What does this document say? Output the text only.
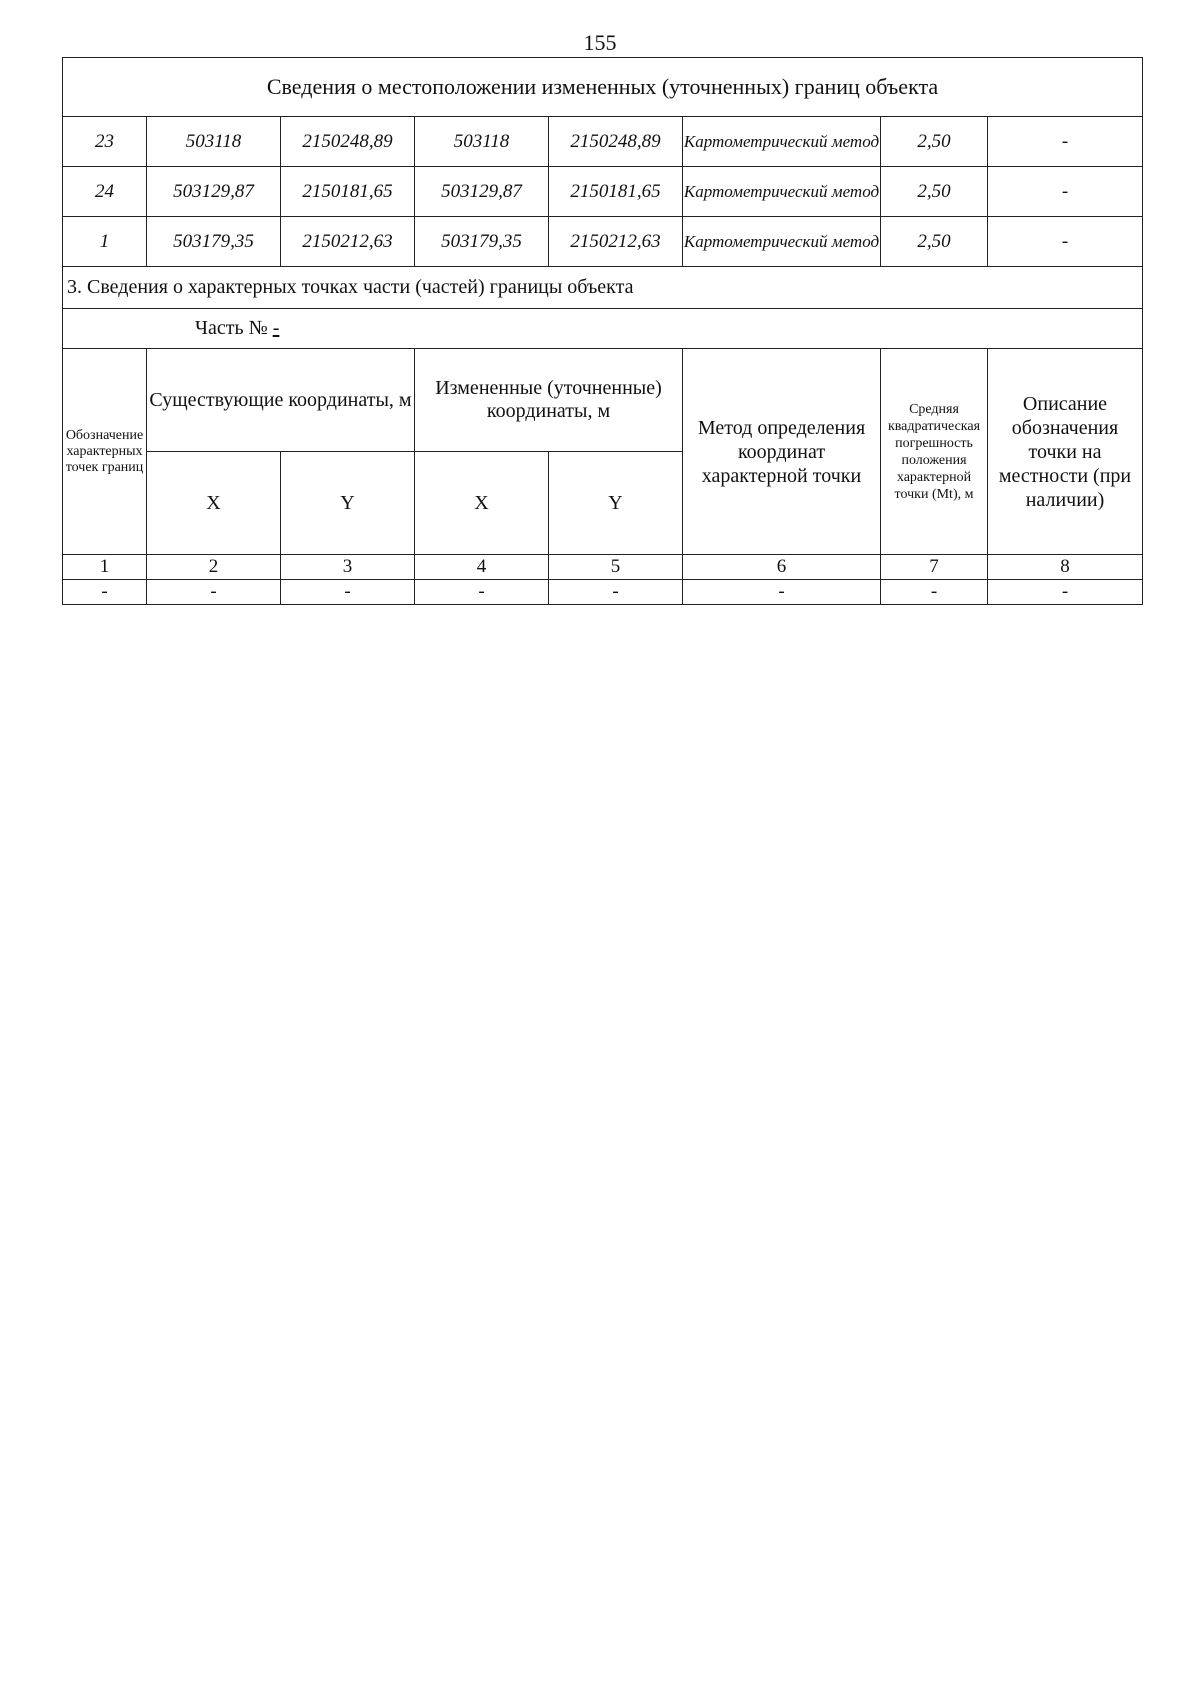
155
Сведения о местоположении измененных (уточненных) границ объекта							
23	503118	2150248,89	503118	2150248,89	Картометрический метод	2,50	-
24	503129,87	2150181,65	503129,87	2150181,65	Картометрический метод	2,50	-
1	503179,35	2150212,63	503179,35	2150212,63	Картометрический метод	2,50	-
3. Сведения о характерных точках части (частей) границы объекта							
Часть № -							
Обозначение характерных точек границ	Существующие координаты, м		Измененные (уточненные) координаты, м		Метод определения координат характерной точки	Средняя квадратическая погрешность положения характерной точки (Mt), м	Описание обозначения точки на местности (при наличии)
	X	Y	X	Y			
1	2	3	4	5	6	7	8
-	-	-	-	-	-	-	-
